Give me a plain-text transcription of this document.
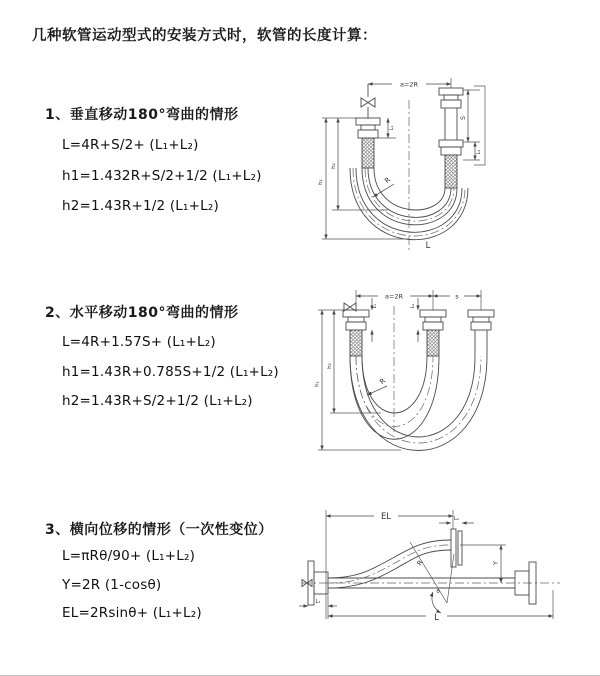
几种软管运动型式的安装方式时，软管的长度计算：
1、垂直移动180°弯曲的情形
L=4R+S/2+ (L₁+L₂)
h1=1.432R+S/2+1/2 (L₁+L₂)
h2=1.43R+1/2 (L₁+L₂)
a=2R
h₁
h₂
L₁
S
L₂
R
L
2、水平移动180°弯曲的情形
L=4R+1.57S+ (L₁+L₂)
h1=1.43R+0.785S+1/2 (L₁+L₂)
h2=1.43R+S/2+1/2 (L₁+L₂)
a=2R	s
h₁
h₂
L₁	L₂
R
3、横向位移的情形（一次性变位）
L=πRθ/90+ (L₁+L₂)
Y=2R (1-cosθ)
EL=2Rsinθ+ (L₁+L₂)
EL	L₂
Y
R
θ
L₁
L
